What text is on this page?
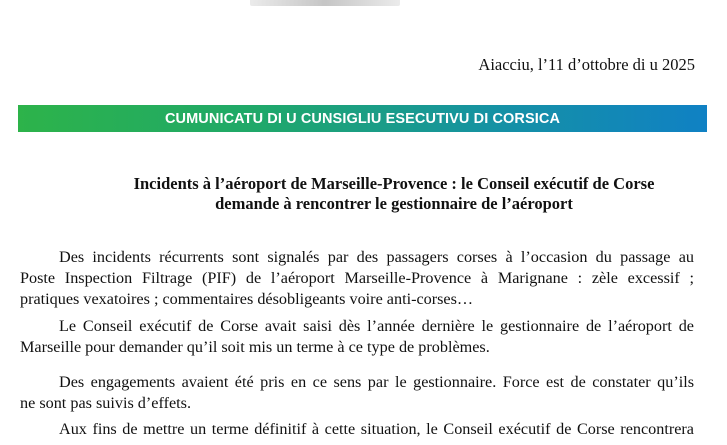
Aiacciu, l’11 d’ottobre di u 2025
CUMUNICATU DI U CUNSIGLIU ESECUTIVU DI CORSICA
Incidents à l’aéroport de Marseille-Provence : le Conseil exécutif de Corse
demande à rencontrer le gestionnaire de l’aéroport
Des incidents récurrents sont signalés par des passagers corses à l’occasion du passage au
Poste Inspection Filtrage (PIF) de l’aéroport Marseille-Provence à Marignane : zèle excessif ;
pratiques vexatoires ; commentaires désobligeants voire anti-corses…
Le Conseil exécutif de Corse avait saisi dès l’année dernière le gestionnaire de l’aéroport de
Marseille pour demander qu’il soit mis un terme à ce type de problèmes.
Des engagements avaient été pris en ce sens par le gestionnaire. Force est de constater qu’ils
ne sont pas suivis d’effets.
Aux fins de mettre un terme définitif à cette situation, le Conseil exécutif de Corse rencontrera
